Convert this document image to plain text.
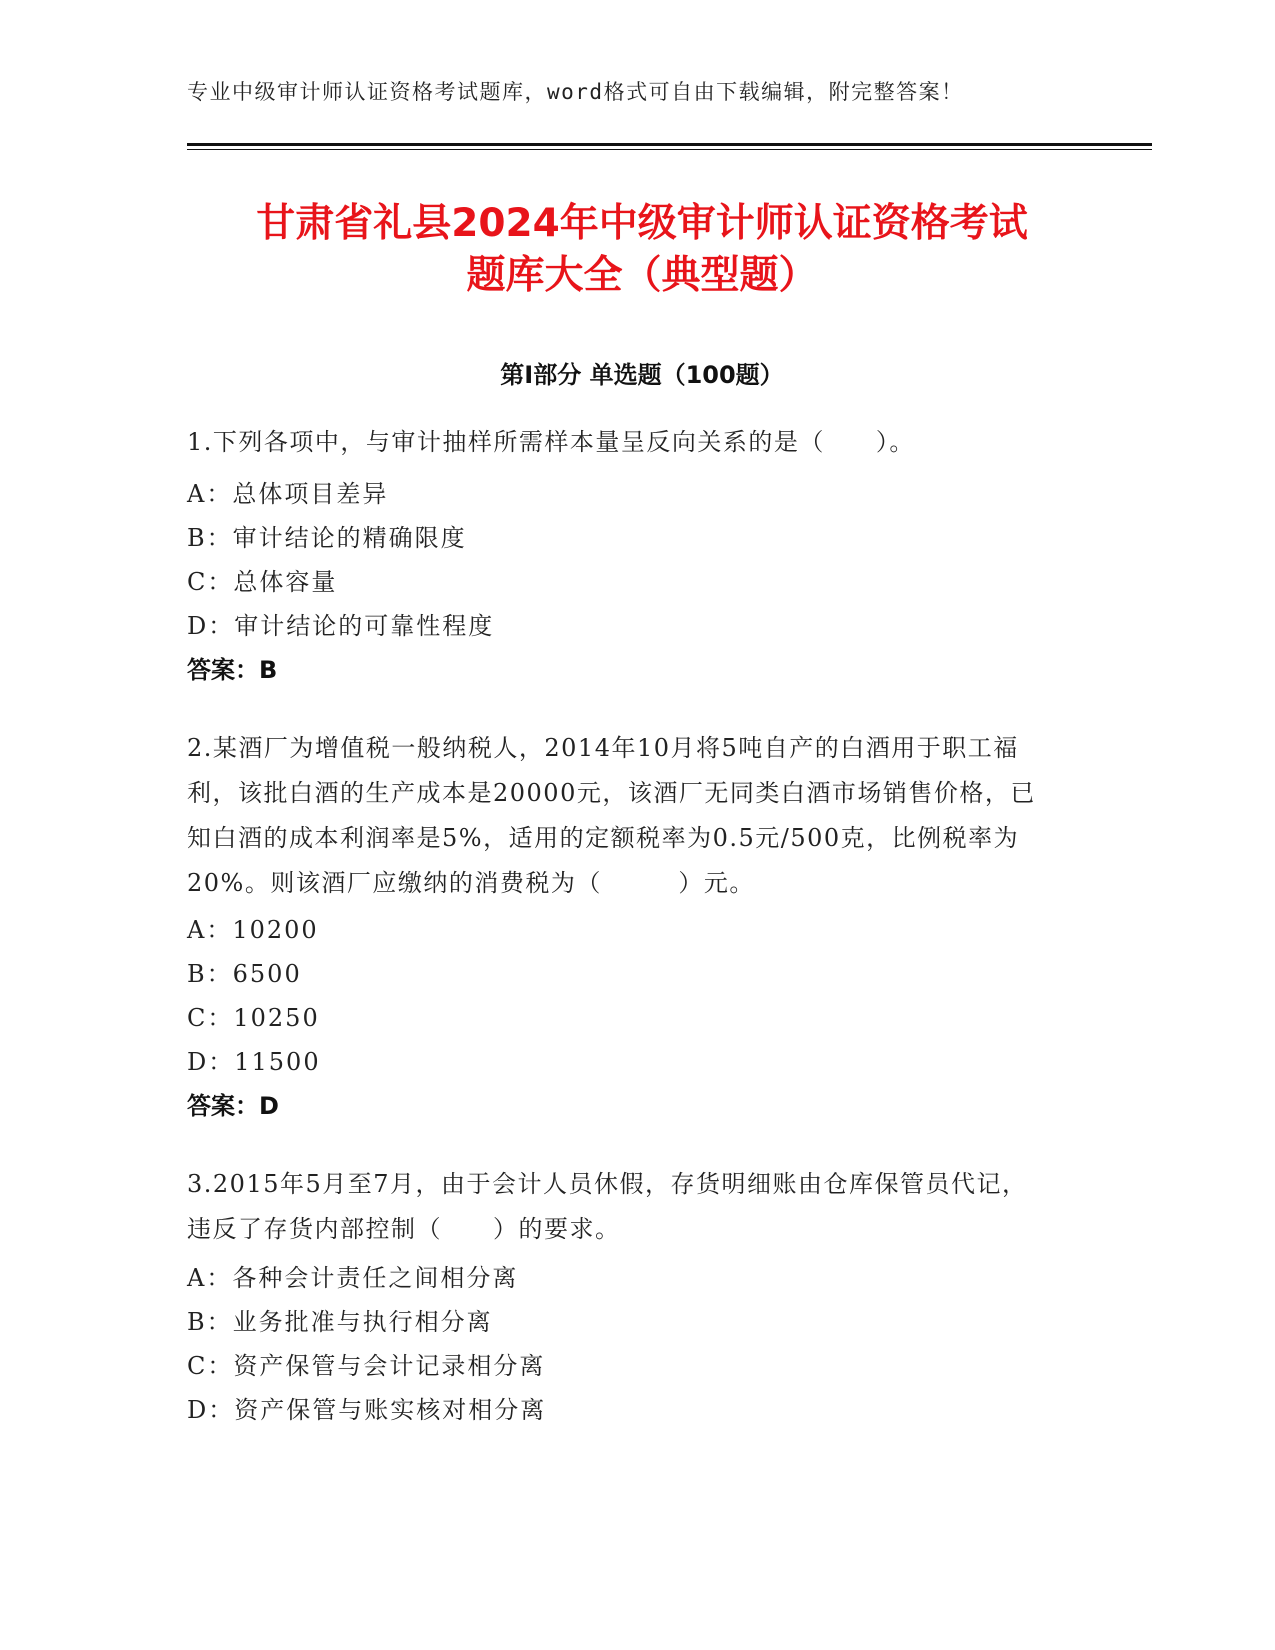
专业中级审计师认证资格考试题库，word格式可自由下载编辑，附完整答案！
甘肃省礼县2024年中级审计师认证资格考试
题库大全（典型题）
第Ⅰ部分 单选题（100题）
1.下列各项中，与审计抽样所需样本量呈反向关系的是（　　）。
A：总体项目差异
B：审计结论的精确限度
C：总体容量
D：审计结论的可靠性程度
答案：B
2.某酒厂为增值税一般纳税人，2014年10月将5吨自产的白酒用于职工福利，该批白酒的生产成本是20000元，该酒厂无同类白酒市场销售价格，已知白酒的成本利润率是5%，适用的定额税率为0.5元/500克，比例税率为20%。则该酒厂应缴纳的消费税为（　　　）元。
A：10200
B：6500
C：10250
D：11500
答案：D
3.2015年5月至7月，由于会计人员休假，存货明细账由仓库保管员代记，违反了存货内部控制（　　）的要求。
A：各种会计责任之间相分离
B：业务批准与执行相分离
C：资产保管与会计记录相分离
D：资产保管与账实核对相分离
